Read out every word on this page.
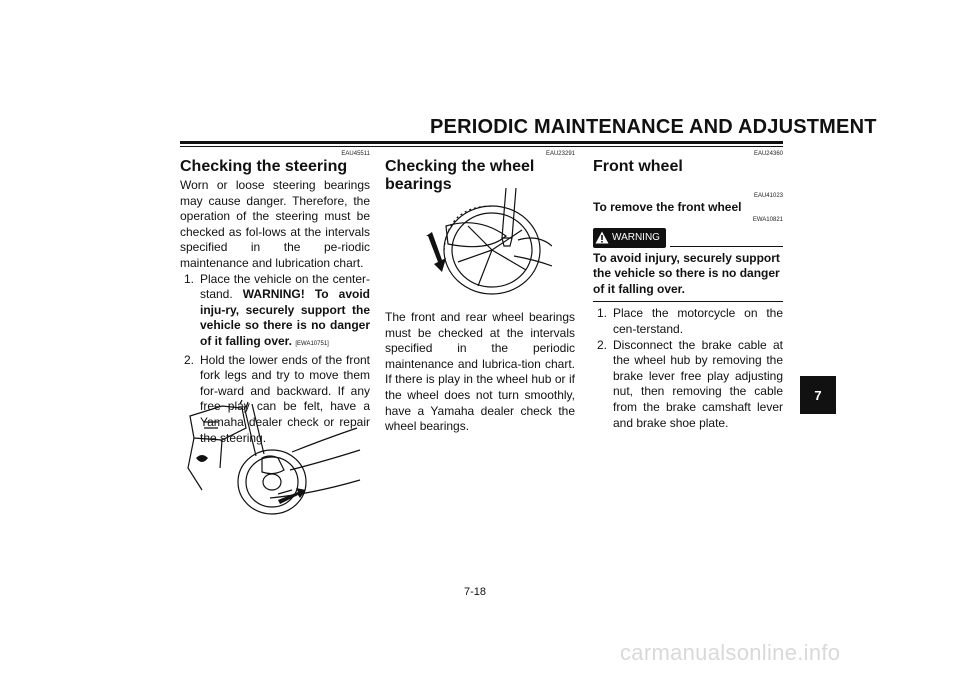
PERIODIC MAINTENANCE AND ADJUSTMENT
EAU45511
Checking the steering

Worn or loose steering bearings may cause danger. Therefore, the operation of the steering must be checked as fol-lows at the intervals specified in the pe-riodic maintenance and lubrication chart.

1. Place the vehicle on the center-stand. WARNING! To avoid inju-ry, securely support the vehicle so there is no danger of it falling over. [EWA10751]
2. Hold the lower ends of the front fork legs and try to move them for-ward and backward. If any free play can be felt, have a Yamaha dealer check or repair the steering.
EAU23291
Checking the wheel bearings

The front and rear wheel bearings must be checked at the intervals specified in the periodic maintenance and lubrica-tion chart. If there is play in the wheel hub or if the wheel does not turn smoothly, have a Yamaha dealer check the wheel bearings.

EAU24360
Front wheel
EAU41023
To remove the front wheel
EWA10821
WARNING
To avoid injury, securely support the vehicle so there is no danger of it falling over.
1. Place the motorcycle on the cen-terstand.
2. Disconnect the brake cable at the wheel hub by removing the brake lever free play adjusting nut, then removing the cable from the brake camshaft lever and brake shoe plate.
7
7-18
carmanualsonline.info
